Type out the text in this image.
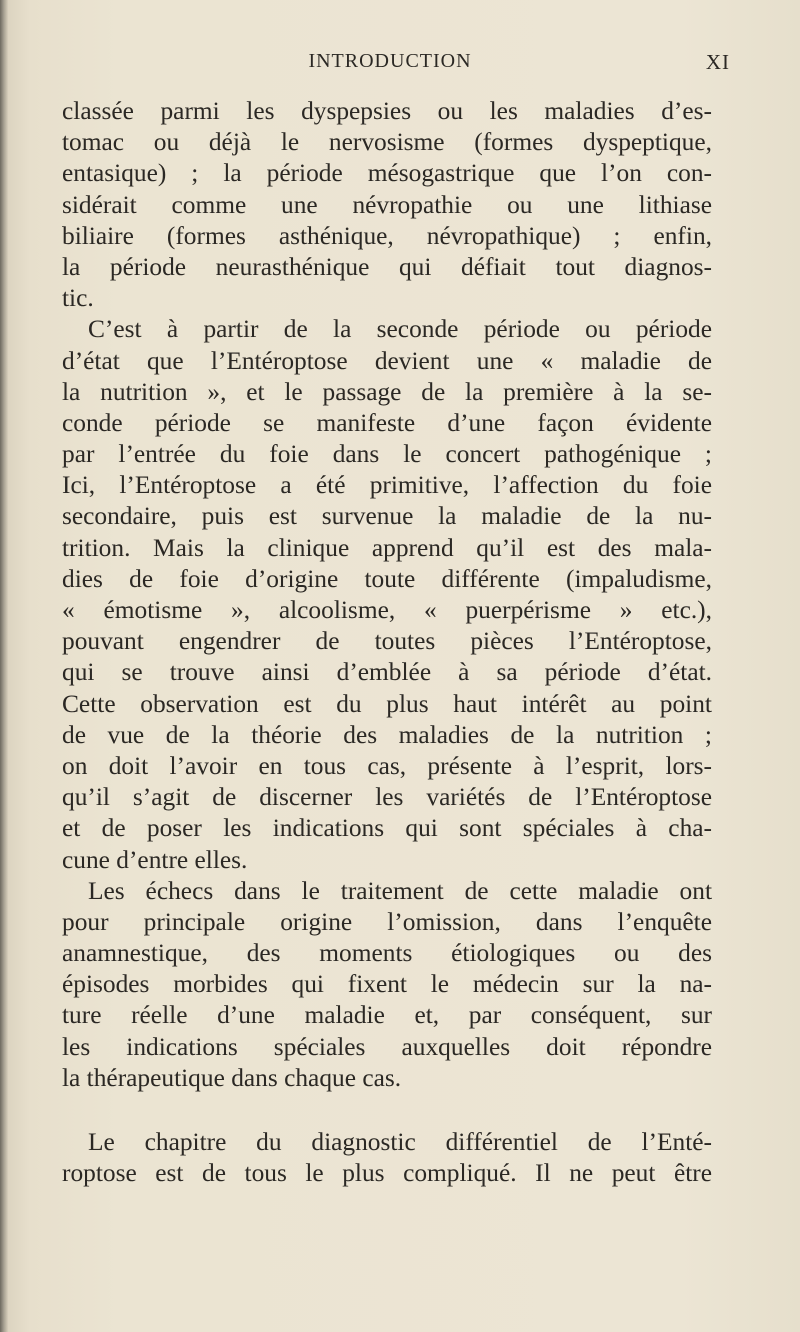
INTRODUCTION	XI
classée parmi les dyspepsies ou les maladies d’es-
tomac ou déjà le nervosisme (formes dyspeptique,
entasique) ; la période mésogastrique que l’on con-
sidérait comme une névropathie ou une lithiase
biliaire (formes asthénique, névropathique) ; enfin,
la période neurasthénique qui défiait tout diagnos-
tic.
C’est à partir de la seconde période ou période
d’état que l’Entéroptose devient une « maladie de
la nutrition », et le passage de la première à la se-
conde période se manifeste d’une façon évidente
par l’entrée du foie dans le concert pathogénique ;
Ici, l’Entéroptose a été primitive, l’affection du foie
secondaire, puis est survenue la maladie de la nu-
trition. Mais la clinique apprend qu’il est des mala-
dies de foie d’origine toute différente (impaludisme,
« émotisme », alcoolisme, « puerpérisme » etc.),
pouvant engendrer de toutes pièces l’Entéroptose,
qui se trouve ainsi d’emblée à sa période d’état.
Cette observation est du plus haut intérêt au point
de vue de la théorie des maladies de la nutrition ;
on doit l’avoir en tous cas, présente à l’esprit, lors-
qu’il s’agit de discerner les variétés de l’Entéroptose
et de poser les indications qui sont spéciales à cha-
cune d’entre elles.
Les échecs dans le traitement de cette maladie ont
pour principale origine l’omission, dans l’enquête
anamnestique, des moments étiologiques ou des
épisodes morbides qui fixent le médecin sur la na-
ture réelle d’une maladie et, par conséquent, sur
les indications spéciales auxquelles doit répondre
la thérapeutique dans chaque cas.
Le chapitre du diagnostic différentiel de l’Enté-
roptose est de tous le plus compliqué. Il ne peut être
